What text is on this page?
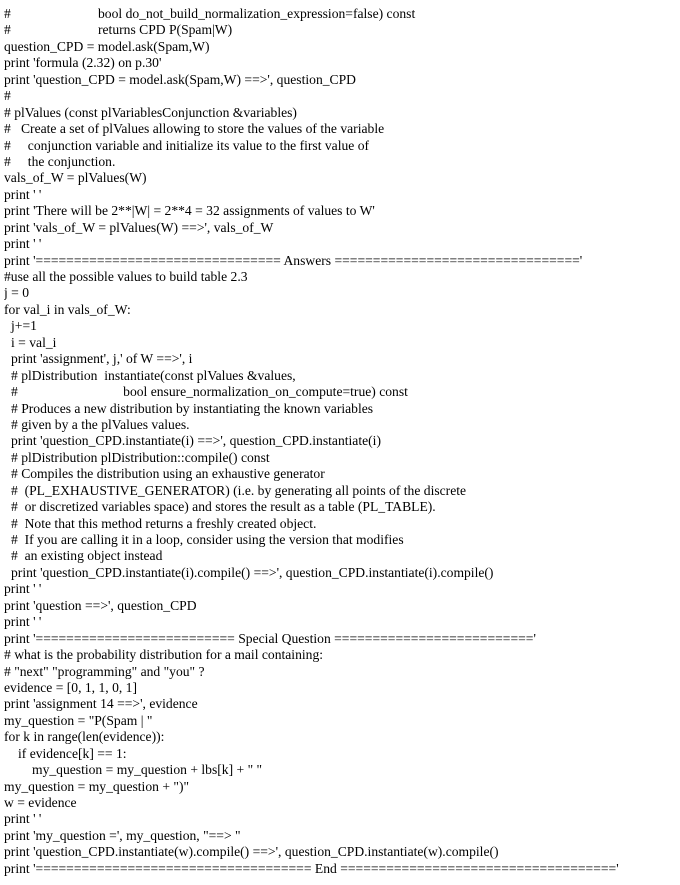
#	bool do_not_build_normalization_expression=false) const
#	returns CPD P(Spam|W)
question_CPD = model.ask(Spam,W)
print 'formula (2.32) on p.30'
print 'question_CPD = model.ask(Spam,W) ==>', question_CPD
#
# plValues (const plVariablesConjunction &variables)
#   Create a set of plValues allowing to store the values of the variable
#     conjunction variable and initialize its value to the first value of
#     the conjunction.
vals_of_W = plValues(W)
print ' '
print 'There will be 2**|W| = 2**4 = 32 assignments of values to W'
print 'vals_of_W = plValues(W) ==>', vals_of_W
print ' '
print '================================ Answers ================================'
#use all the possible values to build table 2.3
j = 0
for val_i in vals_of_W:
j+=1
i = val_i
print 'assignment', j,' of W ==>', i
# plDistribution  instantiate(const plValues &values,
#                               bool ensure_normalization_on_compute=true) const
# Produces a new distribution by instantiating the known variables
# given by a the plValues values.
print 'question_CPD.instantiate(i) ==>', question_CPD.instantiate(i)
# plDistribution plDistribution::compile() const
# Compiles the distribution using an exhaustive generator
#  (PL_EXHAUSTIVE_GENERATOR) (i.e. by generating all points of the discrete
#  or discretized variables space) and stores the result as a table (PL_TABLE).
#  Note that this method returns a freshly created object.
#  If you are calling it in a loop, consider using the version that modifies
#  an existing object instead
print 'question_CPD.instantiate(i).compile() ==>', question_CPD.instantiate(i).compile()
print ' '
print 'question ==>', question_CPD
print ' '
print '========================== Special Question =========================='
# what is the probability distribution for a mail containing:
# "next" "programming" and "you" ?
evidence = [0, 1, 1, 0, 1]
print 'assignment 14 ==>', evidence
my_question = "P(Spam | "
for k in range(len(evidence)):
if evidence[k] == 1:
my_question = my_question + lbs[k] + " "
my_question = my_question + ")"
w = evidence
print ' '
print 'my_question =', my_question, "==> "
print 'question_CPD.instantiate(w).compile() ==>', question_CPD.instantiate(w).compile()
print '==================================== End ===================================='
